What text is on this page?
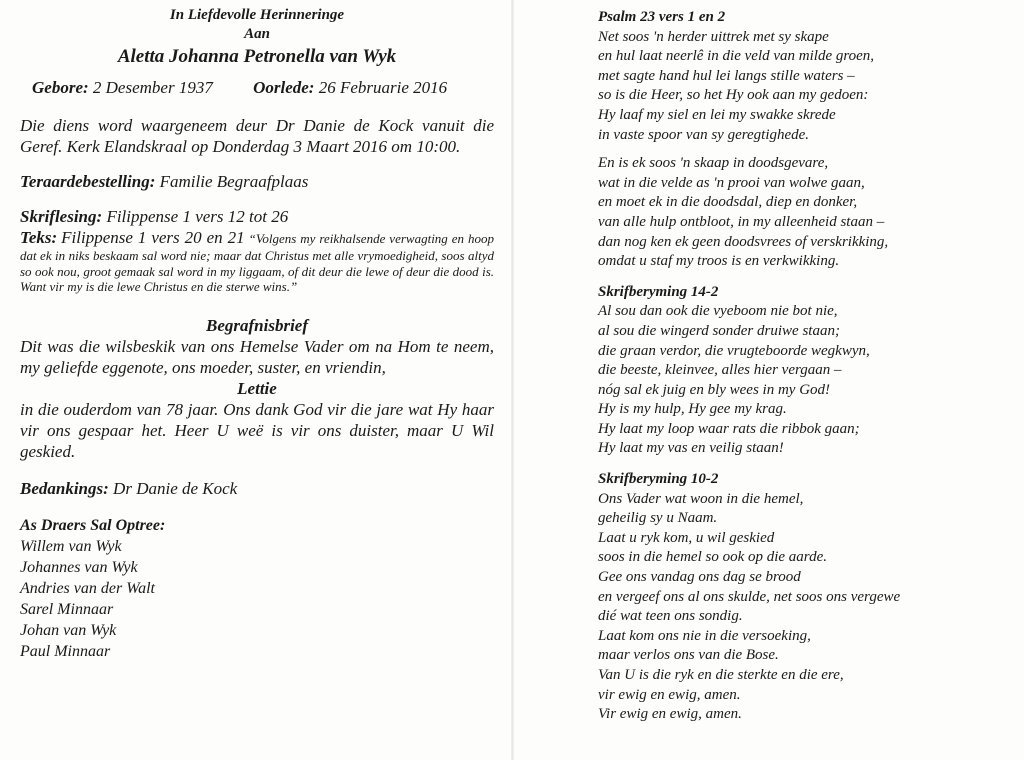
In Liefdevolle Herinneringe
Aan
Aletta Johanna Petronella van Wyk
Gebore: 2 Desember 1937 Oorlede: 26 Februarie 2016

Die diens word waargeneem deur Dr Danie de Kock vanuit die Geref. Kerk Elandskraal op Donderdag 3 Maart 2016 om 10:00.

Teraardebestelling: Familie Begraafplaas

Skriflesing: Filippense 1 vers 12 tot 26

Teks: Filippense 1 vers 20 en 21 “Volgens my reikhalsende verwagting en hoop dat ek in niks beskaam sal word nie; maar dat Christus met alle vrymoedigheid, soos altyd so ook nou, groot gemaak sal word in my liggaam, of dit deur die lewe of deur die dood is. Want vir my is die lewe Christus en die sterwe wins.”

Begrafnisbrief

Dit was die wilsbeskik van ons Hemelse Vader om na Hom te neem, my geliefde eggenote, ons moeder, suster, en vriendin,

Lettie

in die ouderdom van 78 jaar. Ons dank God vir die jare wat Hy haar vir ons gespaar het. Heer U weë is vir ons duister, maar U Wil geskied.

Bedankings: Dr Danie de Kock

As Draers Sal Optree:
Willem van Wyk
Johannes van Wyk
Andries van der Walt
Sarel Minnaar
Johan van Wyk
Paul Minnaar
Psalm 23 vers 1 en 2
Net soos 'n herder uittrek met sy skape
en hul laat neerlê in die veld van milde groen,
met sagte hand hul lei langs stille waters –
so is die Heer, so het Hy ook aan my gedoen:
Hy laaf my siel en lei my swakke skrede
in vaste spoor van sy geregtighede.
En is ek soos 'n skaap in doodsgevare,
wat in die velde as 'n prooi van wolwe gaan,
en moet ek in die doodsdal, diep en donker,
van alle hulp ontbloot, in my alleenheid staan –
dan nog ken ek geen doodsvrees of verskrikking,
omdat u staf my troos is en verkwikking.
Skrifberyming 14-2
Al sou dan ook die vyeboom nie bot nie,
al sou die wingerd sonder druiwe staan;
die graan verdor, die vrugteboorde wegkwyn,
die beeste, kleinvee, alles hier vergaan –
nóg sal ek juig en bly wees in my God!
Hy is my hulp, Hy gee my krag.
Hy laat my loop waar rats die ribbok gaan;
Hy laat my vas en veilig staan!
Skrifberyming 10-2
Ons Vader wat woon in die hemel,
geheilig sy u Naam.
Laat u ryk kom, u wil geskied
soos in die hemel so ook op die aarde.
Gee ons vandag ons dag se brood
en vergeef ons al ons skulde, net soos ons vergewe
dié wat teen ons sondig.
Laat kom ons nie in die versoeking,
maar verlos ons van die Bose.
Van U is die ryk en die sterkte en die ere,
vir ewig en ewig, amen.
Vir ewig en ewig, amen.
